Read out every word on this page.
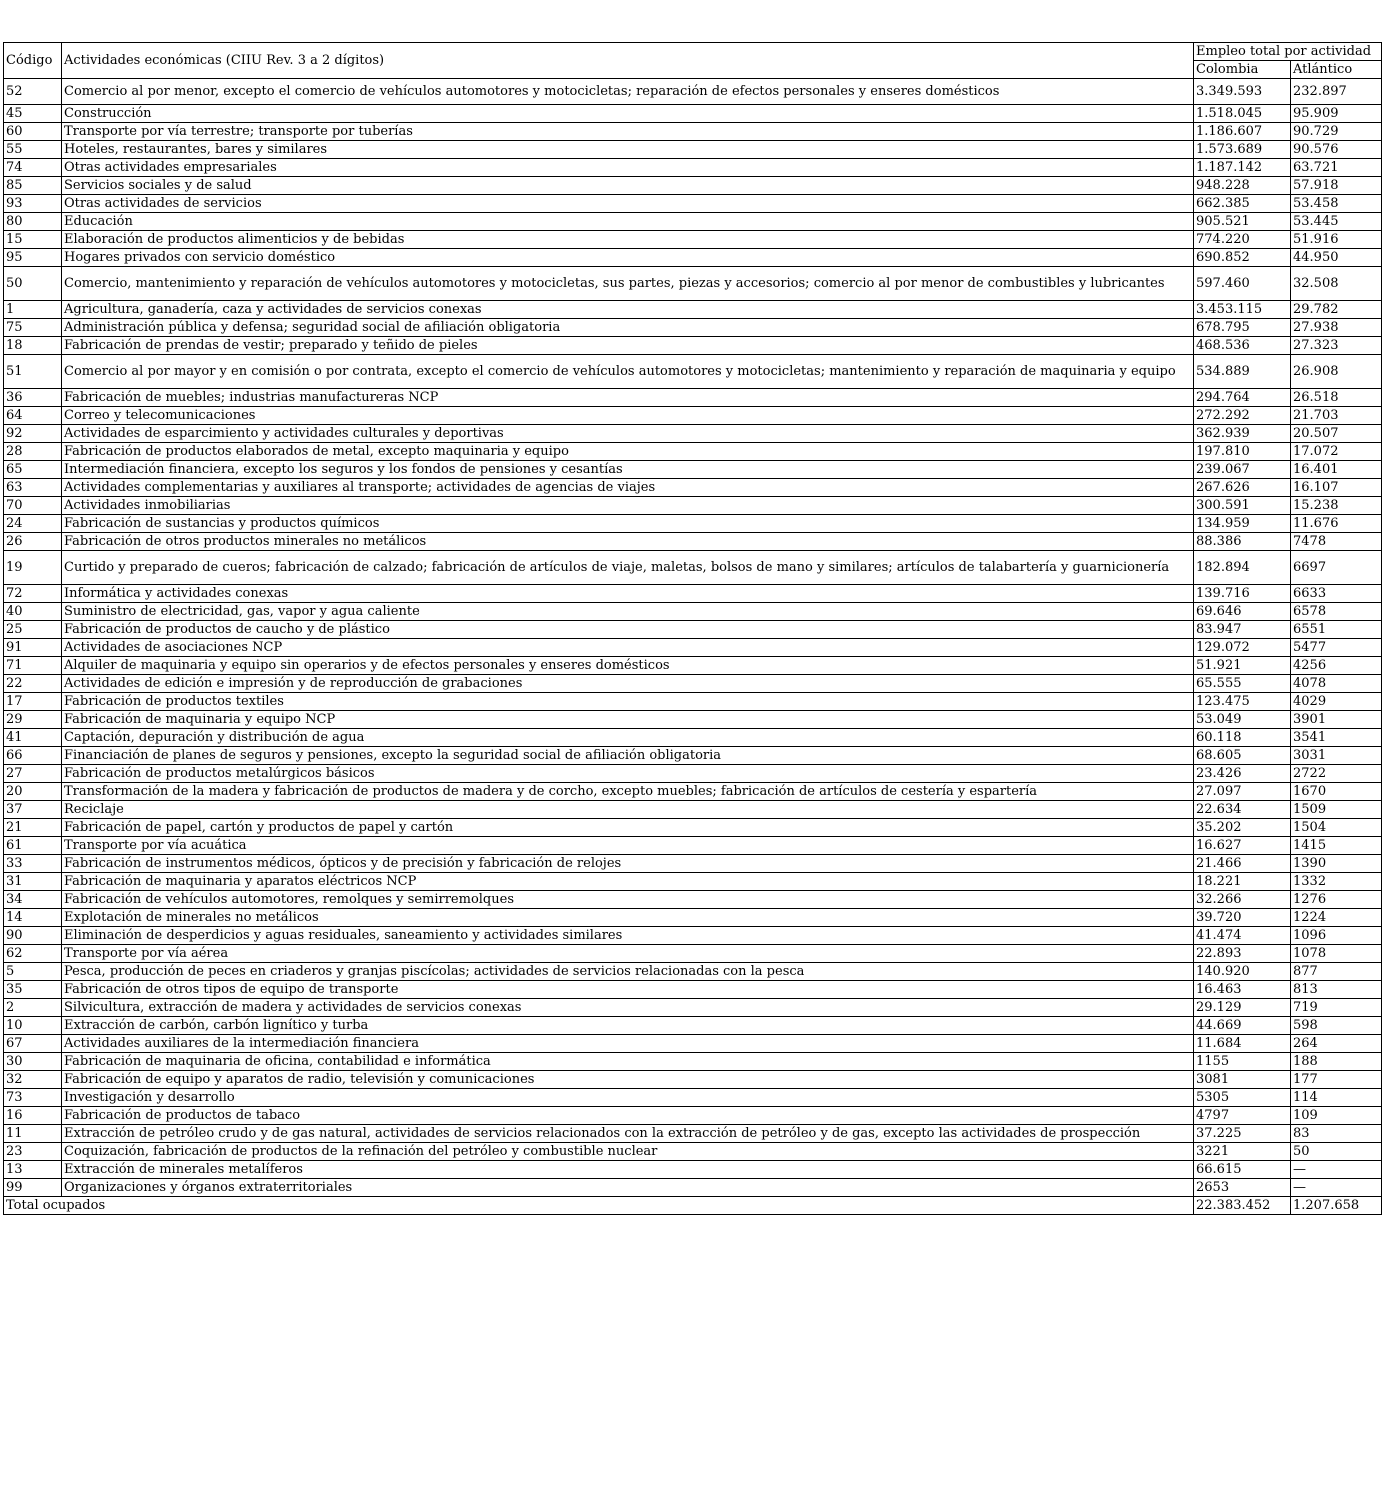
Código	Actividades económicas (CIIU Rev. 3 a 2 dígitos)	Empleo total por actividad	
		Colombia	Atlántico
52	Comercio al por menor, excepto el comercio de vehículos automotores y motocicletas; reparación de efectos personales y enseres domésticos	3.349.593	232.897
45	Construcción	1.518.045	95.909
60	Transporte por vía terrestre; transporte por tuberías	1.186.607	90.729
55	Hoteles, restaurantes, bares y similares	1.573.689	90.576
74	Otras actividades empresariales	1.187.142	63.721
85	Servicios sociales y de salud	948.228	57.918
93	Otras actividades de servicios	662.385	53.458
80	Educación	905.521	53.445
15	Elaboración de productos alimenticios y de bebidas	774.220	51.916
95	Hogares privados con servicio doméstico	690.852	44.950
50	Comercio, mantenimiento y reparación de vehículos automotores y motocicletas, sus partes, piezas y accesorios; comercio al por menor de combustibles y lubricantes	597.460	32.508
1	Agricultura, ganadería, caza y actividades de servicios conexas	3.453.115	29.782
75	Administración pública y defensa; seguridad social de afiliación obligatoria	678.795	27.938
18	Fabricación de prendas de vestir; preparado y teñido de pieles	468.536	27.323
51	Comercio al por mayor y en comisión o por contrata, excepto el comercio de vehículos automotores y motocicletas; mantenimiento y reparación de maquinaria y equipo	534.889	26.908
36	Fabricación de muebles; industrias manufactureras NCP	294.764	26.518
64	Correo y telecomunicaciones	272.292	21.703
92	Actividades de esparcimiento y actividades culturales y deportivas	362.939	20.507
28	Fabricación de productos elaborados de metal, excepto maquinaria y equipo	197.810	17.072
65	Intermediación financiera, excepto los seguros y los fondos de pensiones y cesantías	239.067	16.401
63	Actividades complementarias y auxiliares al transporte; actividades de agencias de viajes	267.626	16.107
70	Actividades inmobiliarias	300.591	15.238
24	Fabricación de sustancias y productos químicos	134.959	11.676
26	Fabricación de otros productos minerales no metálicos	88.386	7478
19	Curtido y preparado de cueros; fabricación de calzado; fabricación de artículos de viaje, maletas, bolsos de mano y similares; artículos de talabartería y guarnicionería	182.894	6697
72	Informática y actividades conexas	139.716	6633
40	Suministro de electricidad, gas, vapor y agua caliente	69.646	6578
25	Fabricación de productos de caucho y de plástico	83.947	6551
91	Actividades de asociaciones NCP	129.072	5477
71	Alquiler de maquinaria y equipo sin operarios y de efectos personales y enseres domésticos	51.921	4256
22	Actividades de edición e impresión y de reproducción de grabaciones	65.555	4078
17	Fabricación de productos textiles	123.475	4029
29	Fabricación de maquinaria y equipo NCP	53.049	3901
41	Captación, depuración y distribución de agua	60.118	3541
66	Financiación de planes de seguros y pensiones, excepto la seguridad social de afiliación obligatoria	68.605	3031
27	Fabricación de productos metalúrgicos básicos	23.426	2722
20	Transformación de la madera y fabricación de productos de madera y de corcho, excepto muebles; fabricación de artículos de cestería y espartería	27.097	1670
37	Reciclaje	22.634	1509
21	Fabricación de papel, cartón y productos de papel y cartón	35.202	1504
61	Transporte por vía acuática	16.627	1415
33	Fabricación de instrumentos médicos, ópticos y de precisión y fabricación de relojes	21.466	1390
31	Fabricación de maquinaria y aparatos eléctricos NCP	18.221	1332
34	Fabricación de vehículos automotores, remolques y semirremolques	32.266	1276
14	Explotación de minerales no metálicos	39.720	1224
90	Eliminación de desperdicios y aguas residuales, saneamiento y actividades similares	41.474	1096
62	Transporte por vía aérea	22.893	1078
5	Pesca, producción de peces en criaderos y granjas piscícolas; actividades de servicios relacionadas con la pesca	140.920	877
35	Fabricación de otros tipos de equipo de transporte	16.463	813
2	Silvicultura, extracción de madera y actividades de servicios conexas	29.129	719
10	Extracción de carbón, carbón lignítico y turba	44.669	598
67	Actividades auxiliares de la intermediación financiera	11.684	264
30	Fabricación de maquinaria de oficina, contabilidad e informática	1155	188
32	Fabricación de equipo y aparatos de radio, televisión y comunicaciones	3081	177
73	Investigación y desarrollo	5305	114
16	Fabricación de productos de tabaco	4797	109
11	Extracción de petróleo crudo y de gas natural, actividades de servicios relacionados con la extracción de petróleo y de gas, excepto las actividades de prospección	37.225	83
23	Coquización, fabricación de productos de la refinación del petróleo y combustible nuclear	3221	50
13	Extracción de minerales metalíferos	66.615	—
99	Organizaciones y órganos extraterritoriales	2653	—
Total ocupados		22.383.452	1.207.658
